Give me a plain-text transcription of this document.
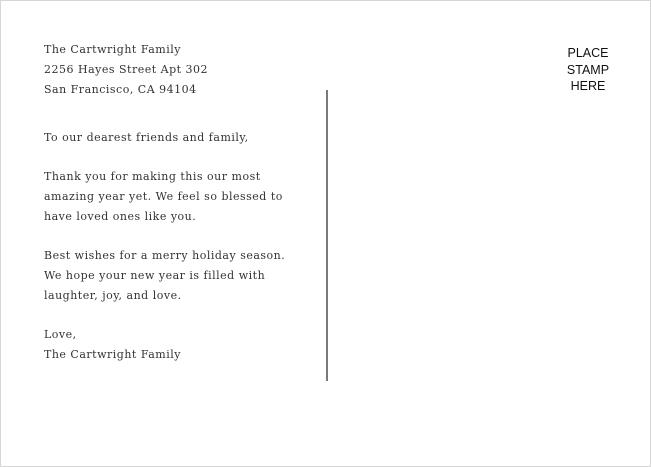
The Cartwright Family
2256 Hayes Street Apt 302
San Francisco, CA 94104
To our dearest friends and family,
Thank you for making this our most
amazing year yet. We feel so blessed to
have loved ones like you.
Best wishes for a merry holiday season.
We hope your new year is filled with
laughter, joy, and love.
Love,
The Cartwright Family
PLACE
STAMP
HERE
